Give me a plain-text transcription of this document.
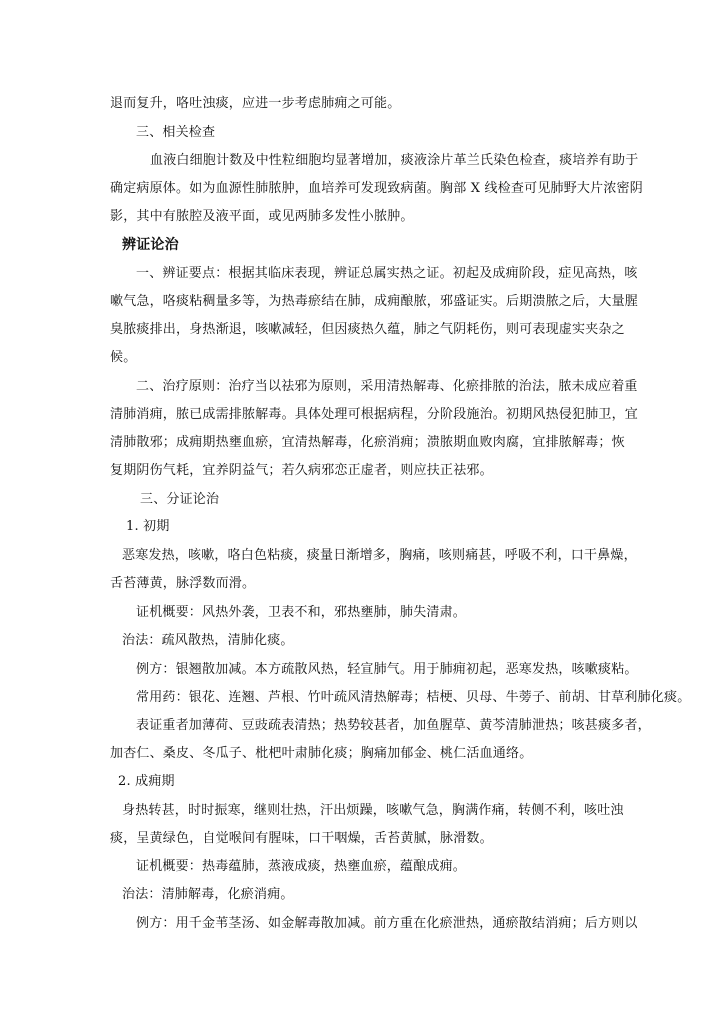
退而复升，咯吐浊痰，应进一步考虑肺痈之可能。
三、相关检查
血液白细胞计数及中性粒细胞均显著增加，痰液涂片革兰氏染色检查，痰培养有助于
确定病原体。如为血源性肺脓肿，血培养可发现致病菌。胸部 X 线检查可见肺野大片浓密阴
影，其中有脓腔及液平面，或见两肺多发性小脓肿。
辨证论治
一、辨证要点：根据其临床表现，辨证总属实热之证。初起及成痈阶段，症见高热，咳
嗽气急，咯痰粘稠量多等，为热毒瘀结在肺，成痈酿脓，邪盛证实。后期溃脓之后，大量腥
臭脓痰排出，身热渐退，咳嗽减轻，但因痰热久蕴，肺之气阴耗伤，则可表现虚实夹杂之
候。
二、治疗原则：治疗当以祛邪为原则，采用清热解毒、化瘀排脓的治法，脓未成应着重
清肺消痈，脓已成需排脓解毒。具体处理可根据病程，分阶段施治。初期风热侵犯肺卫，宜
清肺散邪；成痈期热壅血瘀，宜清热解毒，化瘀消痈；溃脓期血败肉腐，宜排脓解毒；恢
复期阴伤气耗，宜养阴益气；若久病邪恋正虚者，则应扶正祛邪。
三、分证论治
1. 初期
恶寒发热，咳嗽，咯白色粘痰，痰量日渐增多，胸痛，咳则痛甚，呼吸不利，口干鼻燥，
舌苔薄黄，脉浮数而滑。
证机概要：风热外袭，卫表不和，邪热壅肺，肺失清肃。
治法：疏风散热，清肺化痰。
例方：银翘散加减。本方疏散风热，轻宣肺气。用于肺痈初起，恶寒发热，咳嗽痰粘。
常用药：银花、连翘、芦根、竹叶疏风清热解毒；桔梗、贝母、牛蒡子、前胡、甘草利肺化痰。
表证重者加薄荷、豆豉疏表清热；热势较甚者，加鱼腥草、黄芩清肺泄热；咳甚痰多者，
加杏仁、桑皮、冬瓜子、枇杷叶肃肺化痰；胸痛加郁金、桃仁活血通络。
2. 成痈期
身热转甚，时时振寒，继则壮热，汗出烦躁，咳嗽气急，胸满作痛，转侧不利，咳吐浊
痰，呈黄绿色，自觉喉间有腥味，口干咽燥，舌苔黄腻，脉滑数。
证机概要：热毒蕴肺，蒸液成痰，热壅血瘀，蕴酿成痈。
治法：清肺解毒，化瘀消痈。
例方：用千金苇茎汤、如金解毒散加减。前方重在化瘀泄热，通瘀散结消痈；后方则以
